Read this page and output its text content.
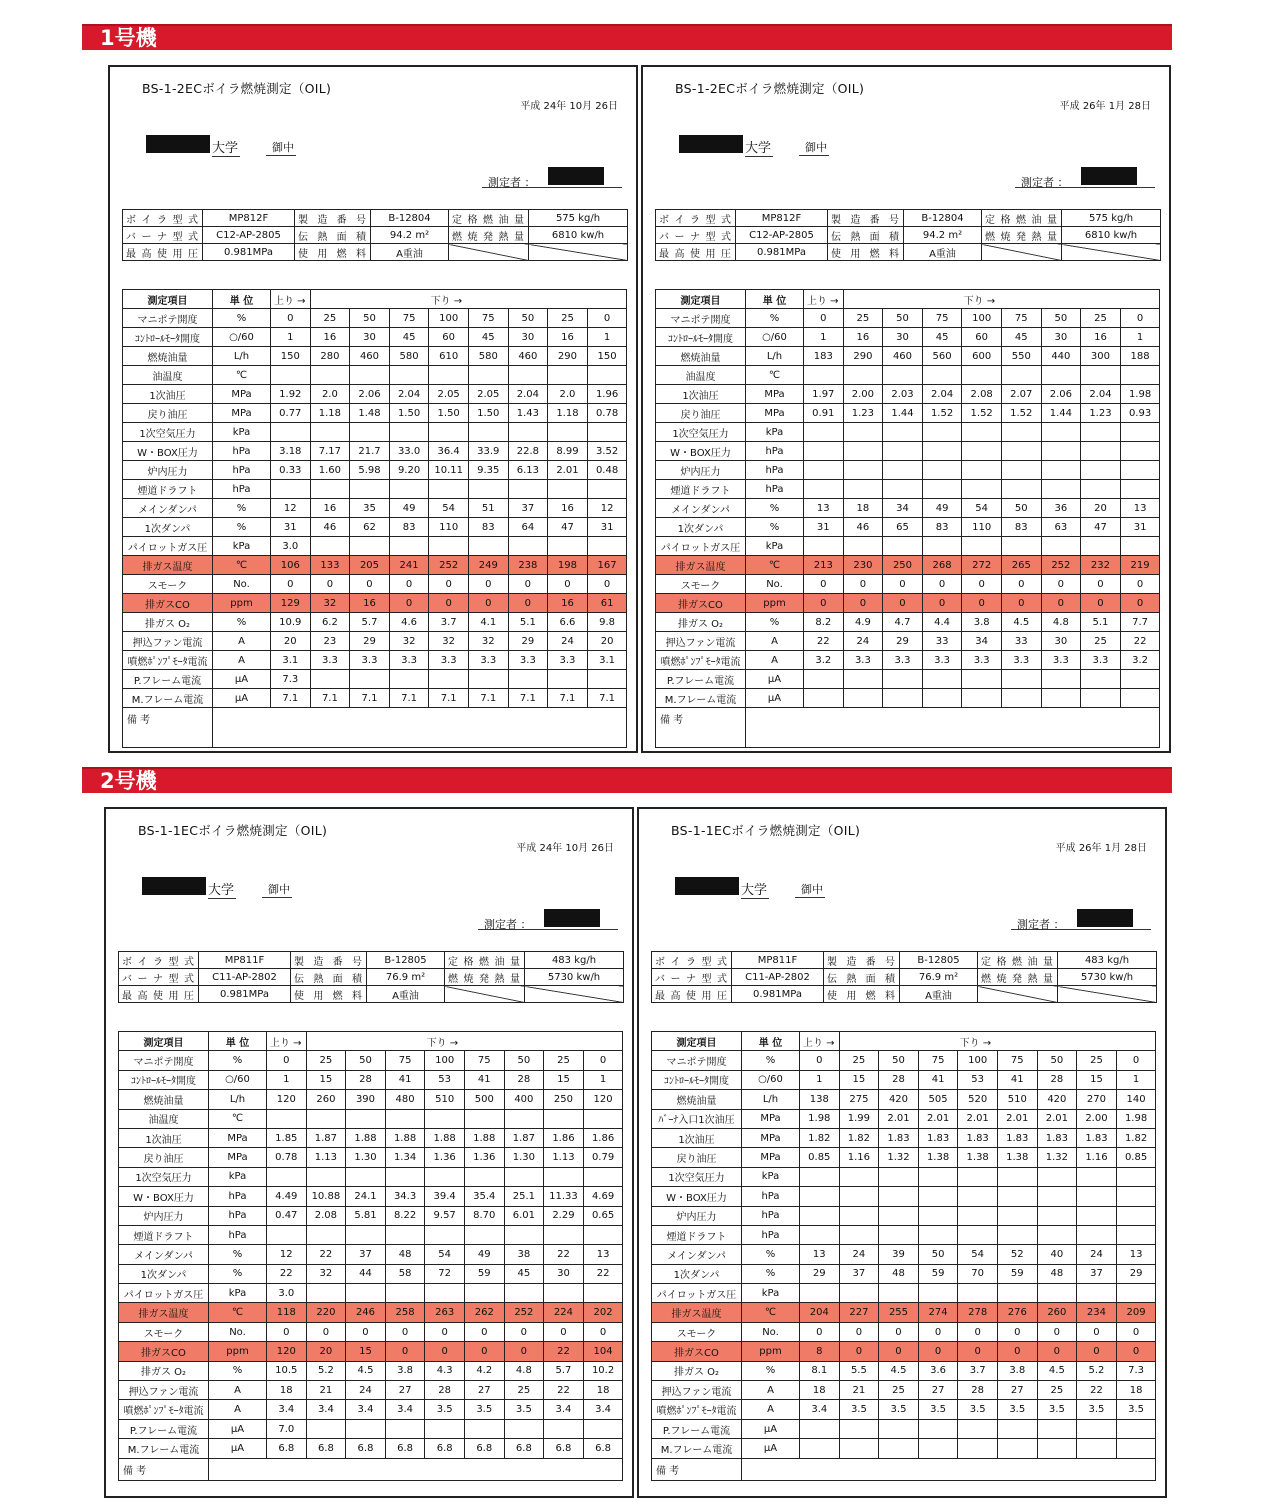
1号機
2号機
BS-1-2ECボイラ燃焼測定（OIL)
平成 24年 10月 26日
大学	御中
測定者 ：
ボイラ型式	MP812F	製 造 番 号	B-12804	定格燃油量	575 kg/h
バーナ型式	C12-AP-2805	伝 熱 面 積	94.2 m²	燃焼発熱量	6810 kw/h
最高使用圧	0.981MPa	使 用 燃 料	A重油		
測定項目	単 位	上り →	下り →							
マニポテ開度	%	0	25	50	75	100	75	50	25	0
ｺﾝﾄﾛｰﾙﾓｰﾀ開度	○/60	1	16	30	45	60	45	30	16	1
燃焼油量	L/h	150	280	460	580	610	580	460	290	150
油温度	℃									
1次油圧	MPa	1.92	2.0	2.06	2.04	2.05	2.05	2.04	2.0	1.96
戻り油圧	MPa	0.77	1.18	1.48	1.50	1.50	1.50	1.43	1.18	0.78
1次空気圧力	kPa									
W・BOX圧力	hPa	3.18	7.17	21.7	33.0	36.4	33.9	22.8	8.99	3.52
炉内圧力	hPa	0.33	1.60	5.98	9.20	10.11	9.35	6.13	2.01	0.48
煙道ドラフト	hPa									
メインダンパ	%	12	16	35	49	54	51	37	16	12
1次ダンパ	%	31	46	62	83	110	83	64	47	31
パイロットガス圧	kPa	3.0								
排ガス温度	℃	106	133	205	241	252	249	238	198	167
スモーク	No.	0	0	0	0	0	0	0	0	0
排ガスCO	ppm	129	32	16	0	0	0	0	16	61
排ガス O₂	%	10.9	6.2	5.7	4.6	3.7	4.1	5.1	6.6	9.8
押込ファン電流	A	20	23	29	32	32	32	29	24	20
噴燃ﾎﾟﾝﾌﾟﾓｰﾀ電流	A	3.1	3.3	3.3	3.3	3.3	3.3	3.3	3.3	3.1
P.フレーム電流	μA	7.3								
M.フレーム電流	μA	7.1	7.1	7.1	7.1	7.1	7.1	7.1	7.1	7.1
備 考										
BS-1-2ECボイラ燃焼測定（OIL)
平成 26年 1月 28日
大学	御中
測定者 ：
ボイラ型式	MP812F	製 造 番 号	B-12804	定格燃油量	575 kg/h
バーナ型式	C12-AP-2805	伝 熱 面 積	94.2 m²	燃焼発熱量	6810 kw/h
最高使用圧	0.981MPa	使 用 燃 料	A重油		
測定項目	単 位	上り →	下り →							
マニポテ開度	%	0	25	50	75	100	75	50	25	0
ｺﾝﾄﾛｰﾙﾓｰﾀ開度	○/60	1	16	30	45	60	45	30	16	1
燃焼油量	L/h	183	290	460	560	600	550	440	300	188
油温度	℃									
1次油圧	MPa	1.97	2.00	2.03	2.04	2.08	2.07	2.06	2.04	1.98
戻り油圧	MPa	0.91	1.23	1.44	1.52	1.52	1.52	1.44	1.23	0.93
1次空気圧力	kPa									
W・BOX圧力	hPa									
炉内圧力	hPa									
煙道ドラフト	hPa									
メインダンパ	%	13	18	34	49	54	50	36	20	13
1次ダンパ	%	31	46	65	83	110	83	63	47	31
パイロットガス圧	kPa									
排ガス温度	℃	213	230	250	268	272	265	252	232	219
スモーク	No.	0	0	0	0	0	0	0	0	0
排ガスCO	ppm	0	0	0	0	0	0	0	0	0
排ガス O₂	%	8.2	4.9	4.7	4.4	3.8	4.5	4.8	5.1	7.7
押込ファン電流	A	22	24	29	33	34	33	30	25	22
噴燃ﾎﾟﾝﾌﾟﾓｰﾀ電流	A	3.2	3.3	3.3	3.3	3.3	3.3	3.3	3.3	3.2
P.フレーム電流	μA									
M.フレーム電流	μA									
備 考										
BS-1-1ECボイラ燃焼測定（OIL)
平成 24年 10月 26日
大学	御中
測定者 ：
ボイラ型式	MP811F	製 造 番 号	B-12805	定格燃油量	483 kg/h
バーナ型式	C11-AP-2802	伝 熱 面 積	76.9 m²	燃焼発熱量	5730 kw/h
最高使用圧	0.981MPa	使 用 燃 料	A重油		
測定項目	単 位	上り →	下り →							
マニポテ開度	%	0	25	50	75	100	75	50	25	0
ｺﾝﾄﾛｰﾙﾓｰﾀ開度	○/60	1	15	28	41	53	41	28	15	1
燃焼油量	L/h	120	260	390	480	510	500	400	250	120
油温度	℃									
1次油圧	MPa	1.85	1.87	1.88	1.88	1.88	1.88	1.87	1.86	1.86
戻り油圧	MPa	0.78	1.13	1.30	1.34	1.36	1.36	1.30	1.13	0.79
1次空気圧力	kPa									
W・BOX圧力	hPa	4.49	10.88	24.1	34.3	39.4	35.4	25.1	11.33	4.69
炉内圧力	hPa	0.47	2.08	5.81	8.22	9.57	8.70	6.01	2.29	0.65
煙道ドラフト	hPa									
メインダンパ	%	12	22	37	48	54	49	38	22	13
1次ダンパ	%	22	32	44	58	72	59	45	30	22
パイロットガス圧	kPa	3.0								
排ガス温度	℃	118	220	246	258	263	262	252	224	202
スモーク	No.	0	0	0	0	0	0	0	0	0
排ガスCO	ppm	120	20	15	0	0	0	0	22	104
排ガス O₂	%	10.5	5.2	4.5	3.8	4.3	4.2	4.8	5.7	10.2
押込ファン電流	A	18	21	24	27	28	27	25	22	18
噴燃ﾎﾟﾝﾌﾟﾓｰﾀ電流	A	3.4	3.4	3.4	3.4	3.5	3.5	3.5	3.4	3.4
P.フレーム電流	μA	7.0								
M.フレーム電流	μA	6.8	6.8	6.8	6.8	6.8	6.8	6.8	6.8	6.8
備 考										
BS-1-1ECボイラ燃焼測定（OIL)
平成 26年 1月 28日
大学	御中
測定者 ：
ボイラ型式	MP811F	製 造 番 号	B-12805	定格燃油量	483 kg/h
バーナ型式	C11-AP-2802	伝 熱 面 積	76.9 m²	燃焼発熱量	5730 kw/h
最高使用圧	0.981MPa	使 用 燃 料	A重油		
測定項目	単 位	上り →	下り →							
マニポテ開度	%	0	25	50	75	100	75	50	25	0
ｺﾝﾄﾛｰﾙﾓｰﾀ開度	○/60	1	15	28	41	53	41	28	15	1
燃焼油量	L/h	138	275	420	505	520	510	420	270	140
ﾊﾞｰﾅ入口1次油圧	MPa	1.98	1.99	2.01	2.01	2.01	2.01	2.01	2.00	1.98
1次油圧	MPa	1.82	1.82	1.83	1.83	1.83	1.83	1.83	1.83	1.82
戻り油圧	MPa	0.85	1.16	1.32	1.38	1.38	1.38	1.32	1.16	0.85
1次空気圧力	kPa									
W・BOX圧力	hPa									
炉内圧力	hPa									
煙道ドラフト	hPa									
メインダンパ	%	13	24	39	50	54	52	40	24	13
1次ダンパ	%	29	37	48	59	70	59	48	37	29
パイロットガス圧	kPa									
排ガス温度	℃	204	227	255	274	278	276	260	234	209
スモーク	No.	0	0	0	0	0	0	0	0	0
排ガスCO	ppm	8	0	0	0	0	0	0	0	0
排ガス O₂	%	8.1	5.5	4.5	3.6	3.7	3.8	4.5	5.2	7.3
押込ファン電流	A	18	21	25	27	28	27	25	22	18
噴燃ﾎﾟﾝﾌﾟﾓｰﾀ電流	A	3.4	3.5	3.5	3.5	3.5	3.5	3.5	3.5	3.5
P.フレーム電流	μA									
M.フレーム電流	μA									
備 考										
